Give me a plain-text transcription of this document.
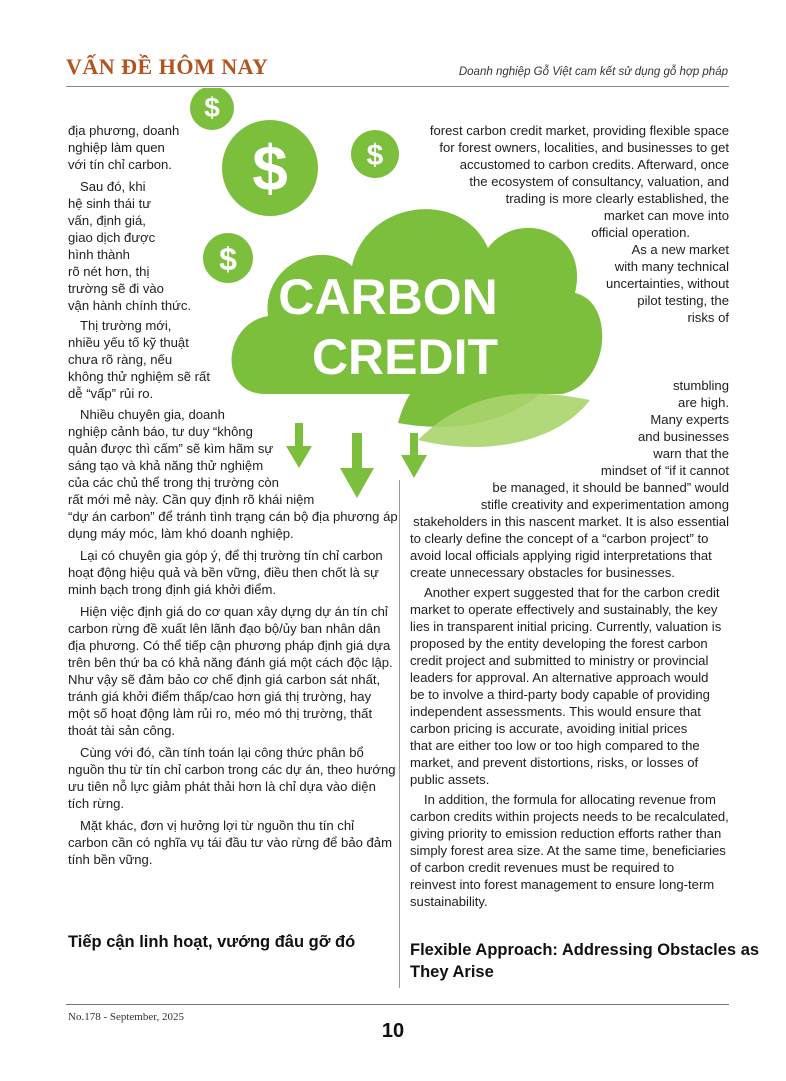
VẤN ĐỀ HÔM NAY	Doanh nghiệp Gỗ Việt cam kết sử dụng gỗ hợp pháp
$
$	$
$
CARBON
CREDIT
địa phương, doanh
nghiệp làm quen
với tín chỉ carbon.
Sau đó, khi
hệ sinh thái tư
vấn, định giá,
giao dịch được
hình thành
rõ nét hơn, thị
trường sẽ đi vào
vận hành chính thức.
Thị trường mới,
nhiều yếu tố kỹ thuật
chưa rõ ràng, nếu
không thử nghiệm sẽ rất
dễ “vấp” rủi ro.
Nhiều chuyên gia, doanh
nghiệp cảnh báo, tư duy “không
quản được thì cấm” sẽ kìm hãm sự
sáng tạo và khả năng thử nghiệm
của các chủ thể trong thị trường còn
rất mới mẻ này. Cần quy định rõ khái niệm
“dự án carbon” để tránh tình trạng cán bộ địa phương áp
dụng máy móc, làm khó doanh nghiệp.
Lại có chuyên gia góp ý, để thị trường tín chỉ carbon
hoạt động hiệu quả và bền vững, điều then chốt là sự
minh bạch trong định giá khởi điểm.
Hiện việc định giá do cơ quan xây dựng dự án tín chỉ
carbon rừng đề xuất lên lãnh đạo bộ/ủy ban nhân dân
địa phương. Có thể tiếp cận phương pháp định giá dựa
trên bên thứ ba có khả năng đánh giá một cách độc lập.
Như vậy sẽ đảm bảo cơ chế định giá carbon sát nhất,
tránh giá khởi điểm thấp/cao hơn giá thị trường, hay
một số hoạt động làm rủi ro, méo mó thị trường, thất
thoát tài sản công.
Cùng với đó, cần tính toán lại công thức phân bổ
nguồn thu từ tín chỉ carbon trong các dự án, theo hướng
ưu tiên nỗ lực giảm phát thải hơn là chỉ dựa vào diện
tích rừng.
Mặt khác, đơn vị hưởng lợi từ nguồn thu tín chỉ
carbon cần có nghĩa vụ tái đầu tư vào rừng để bảo đảm
tính bền vững.
Tiếp cận linh hoạt, vướng đâu gỡ đó
forest carbon credit market, providing flexible space
for forest owners, localities, and businesses to get
accustomed to carbon credits. Afterward, once
the ecosystem of consultancy, valuation, and
trading is more clearly established, the
market can move into
official operation.
As a new market
with many technical
uncertainties, without
pilot testing, the
risks of
stumbling
are high.
Many experts
and businesses
warn that the
mindset of “if it cannot
be managed, it should be banned” would
stifle creativity and experimentation among
stakeholders in this nascent market. It is also essential
to clearly define the concept of a “carbon project” to
avoid local officials applying rigid interpretations that
create unnecessary obstacles for businesses.
Another expert suggested that for the carbon credit
market to operate effectively and sustainably, the key
lies in transparent initial pricing. Currently, valuation is
proposed by the entity developing the forest carbon
credit project and submitted to ministry or provincial
leaders for approval. An alternative approach would
be to involve a third-party body capable of providing
independent assessments. This would ensure that
carbon pricing is accurate, avoiding initial prices
that are either too low or too high compared to the
market, and prevent distortions, risks, or losses of
public assets.
In addition, the formula for allocating revenue from
carbon credits within projects needs to be recalculated,
giving priority to emission reduction efforts rather than
simply forest area size. At the same time, beneficiaries
of carbon credit revenues must be required to
reinvest into forest management to ensure long-term
sustainability.
Flexible Approach: Addressing Obstacles as
They Arise
No.178 - September, 2025
10
